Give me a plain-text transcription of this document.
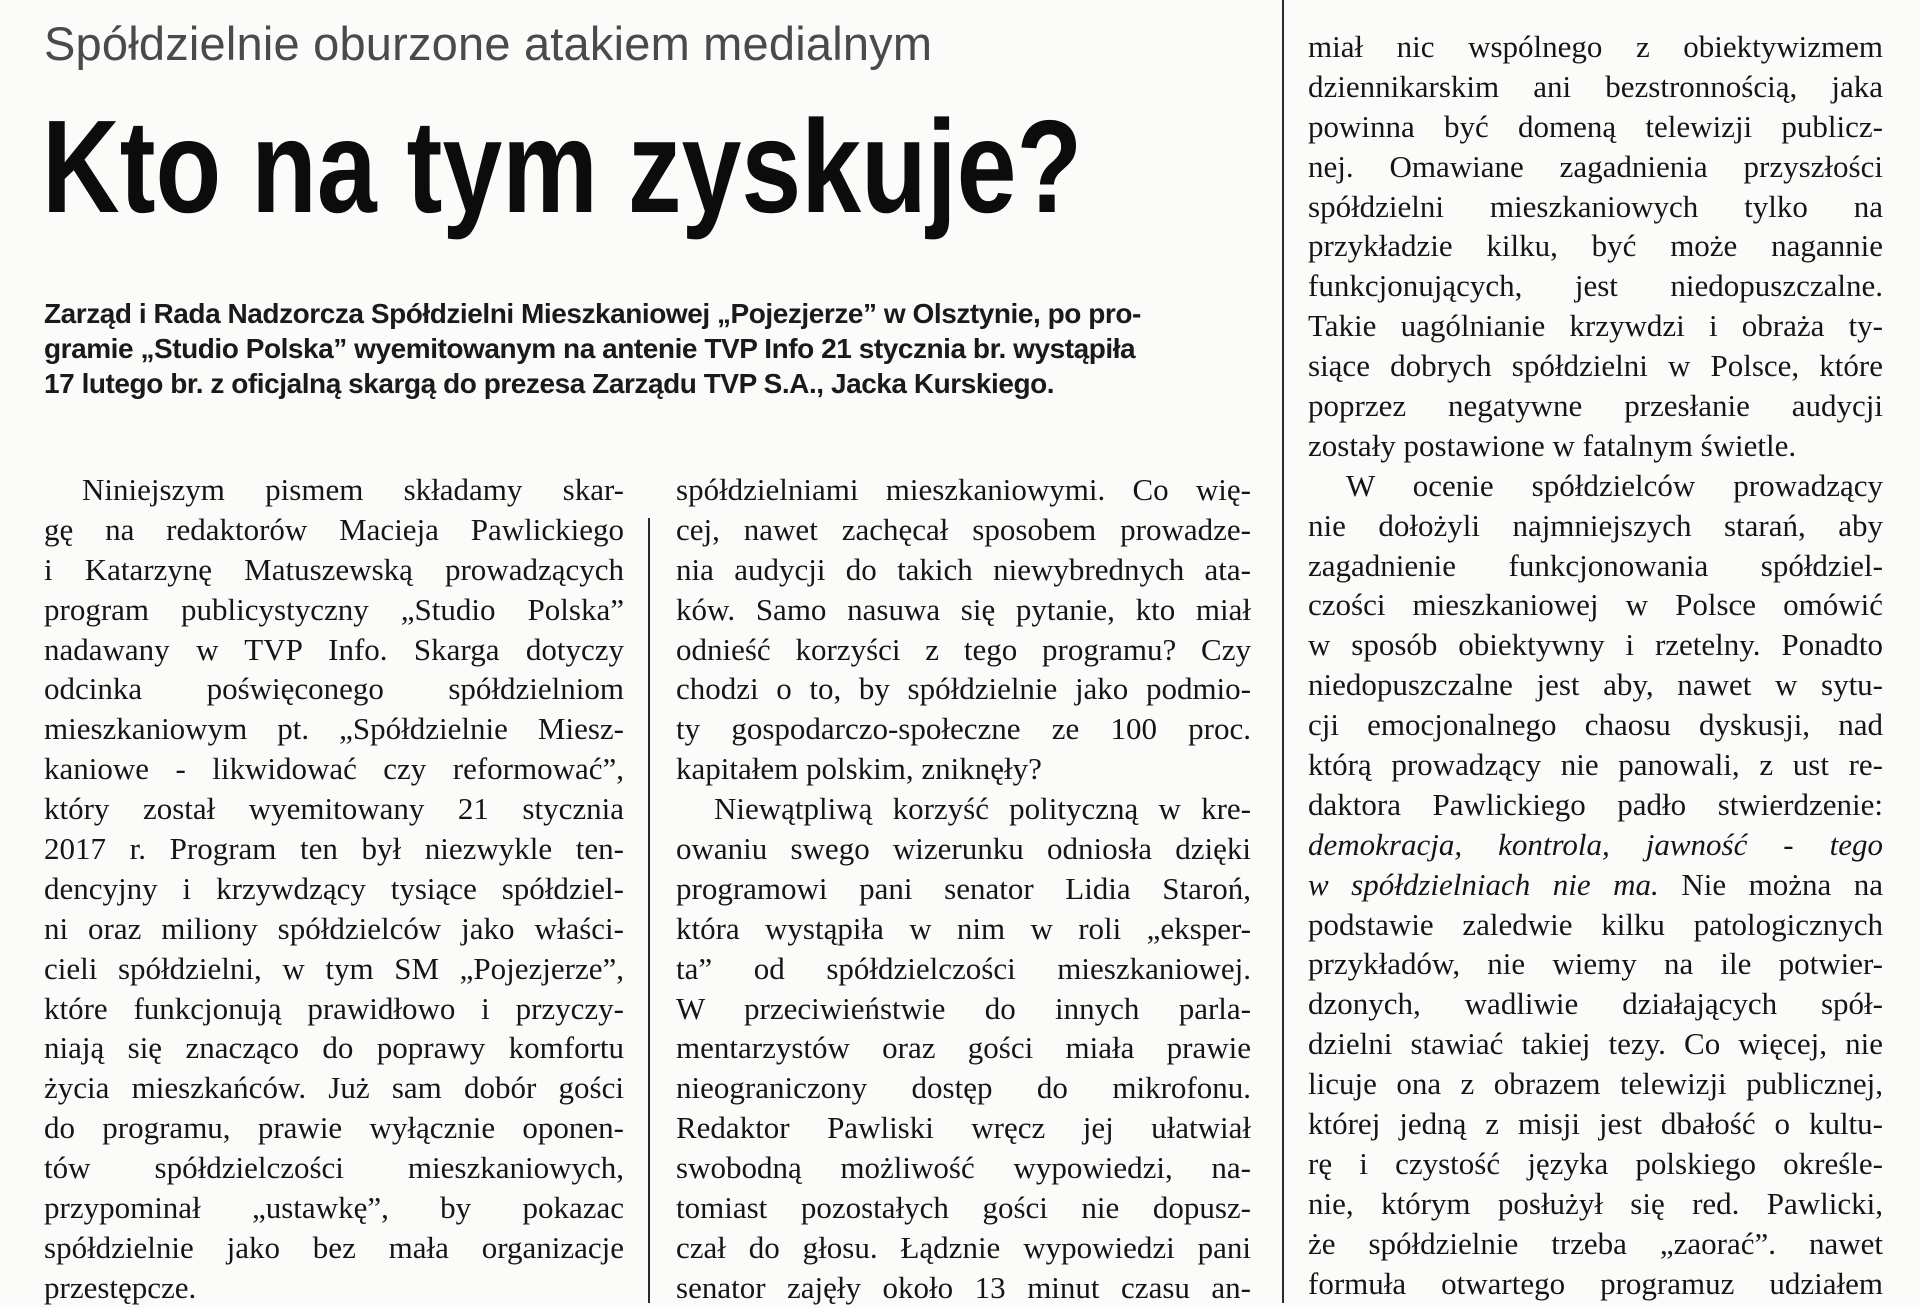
Spółdzielnie oburzone atakiem medialnym
Kto na tym zyskuje?
Zarząd i Rada Nadzorcza Spółdzielni Mieszkaniowej „Pojezjerze” w Olsztynie, po pro-
gramie „Studio Polska” wyemitowanym na antenie TVP Info 21 stycznia br. wystąpiła
17 lutego br. z oficjalną skargą do prezesa Zarządu TVP S.A., Jacka Kurskiego.
Niniejszym pismem składamy skar-
gę na redaktorów Macieja Pawlickiego
i Katarzynę Matuszewską prowadzących
program publicystyczny „Studio Polska”
nadawany w TVP Info. Skarga dotyczy
odcinka poświęconego spółdzielniom
mieszkaniowym pt. „Spółdzielnie Miesz-
kaniowe - likwidować czy reformować”,
który został wyemitowany 21 stycznia
2017 r. Program ten był niezwykle ten-
dencyjny i krzywdzący tysiące spółdziel-
ni oraz miliony spółdzielców jako właści-
cieli spółdzielni, w tym SM „Pojezjerze”,
które funkcjonują prawidłowo i przyczy-
niają się znacząco do poprawy komfortu
życia mieszkańców. Już sam dobór gości
do programu, prawie wyłącznie oponen-
tów spółdzielczości mieszkaniowych,
przypominał „ustawkę”, by pokazac
spółdzielnie jako bez mała organizacje
przestępcze.
spółdzielniami mieszkaniowymi. Co wię-
cej, nawet zachęcał sposobem prowadze-
nia audycji do takich niewybrednych ata-
ków. Samo nasuwa się pytanie, kto miał
odnieść korzyści z tego programu? Czy
chodzi o to, by spółdzielnie jako podmio-
ty gospodarczo-społeczne ze 100 proc.
kapitałem polskim, zniknęły?
Niewątpliwą korzyść polityczną w kre-
owaniu swego wizerunku odniosła dzięki
programowi pani senator Lidia Staroń,
która wystąpiła w nim w roli „eksper-
ta” od spółdzielczości mieszkaniowej.
W przeciwieństwie do innych parla-
mentarzystów oraz gości miała prawie
nieograniczony dostęp do mikrofonu.
Redaktor Pawliski wręcz jej ułatwiał
swobodną możliwość wypowiedzi, na-
tomiast pozostałych gości nie dopusz-
czał do głosu. Łądznie wypowiedzi pani
senator zajęły około 13 minut czasu an-
miał nic wspólnego z obiektywizmem
dziennikarskim ani bezstronnością, jaka
powinna być domeną telewizji publicz-
nej. Omawiane zagadnienia przyszłości
spółdzielni mieszkaniowych tylko na
przykładzie kilku, być może nagannie
funkcjonujących, jest niedopuszczalne.
Takie uagólnianie krzywdzi i obraża ty-
siące dobrych spółdzielni w Polsce, które
poprzez negatywne przesłanie audycji
zostały postawione w fatalnym świetle.
W ocenie spółdzielców prowadzący
nie dołożyli najmniejszych starań, aby
zagadnienie funkcjonowania spółdziel-
czości mieszkaniowej w Polsce omówić
w sposób obiektywny i rzetelny. Ponadto
niedopuszczalne jest aby, nawet w sytu-
cji emocjonalnego chaosu dyskusji, nad
którą prowadzący nie panowali, z ust re-
daktora Pawlickiego padło stwierdzenie:
demokracja, kontrola, jawność - tego
w spółdzielniach nie ma. Nie można na
podstawie zaledwie kilku patologicznych
przykładów, nie wiemy na ile potwier-
dzonych, wadliwie działających spół-
dzielni stawiać takiej tezy. Co więcej, nie
licuje ona z obrazem telewizji publicznej,
której jedną z misji jest dbałość o kultu-
rę i czystość języka polskiego określe-
nie, którym posłużył się red. Pawlicki,
że spółdzielnie trzeba „zaorać”. nawet
formuła otwartego programuz udziałem
